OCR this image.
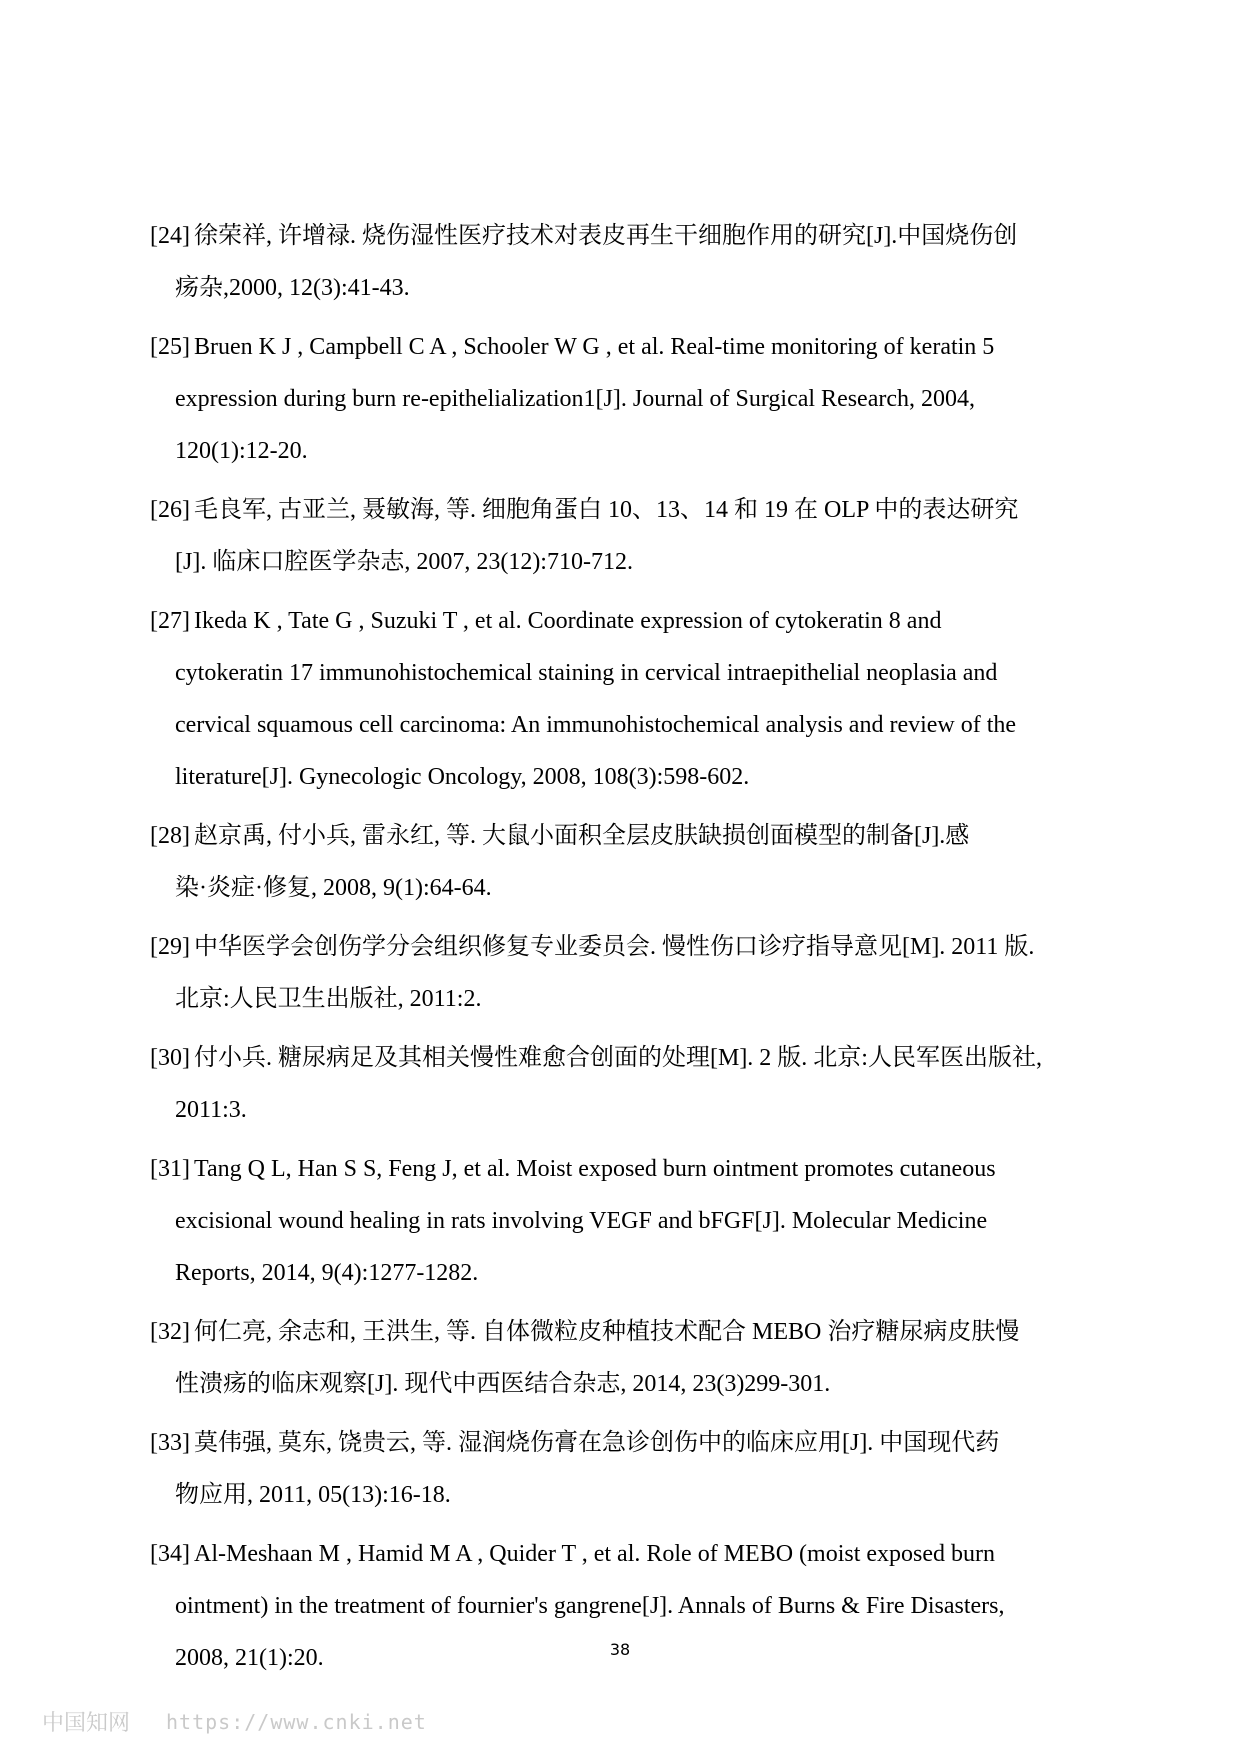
[24] 徐荣祥, 许增禄. 烧伤湿性医疗技术对表皮再生干细胞作用的研究[J].中国烧伤创
疡杂,2000, 12(3):41-43.
[25] Bruen K J , Campbell C A , Schooler W G , et al. Real-time monitoring of keratin 5
expression during burn re-epithelialization1[J]. Journal of Surgical Research, 2004,
120(1):12-20.
[26] 毛良军, 古亚兰, 聂敏海, 等. 细胞角蛋白 10、13、14 和 19 在 OLP 中的表达研究
[J]. 临床口腔医学杂志, 2007, 23(12):710-712.
[27] Ikeda K , Tate G , Suzuki T , et al. Coordinate expression of cytokeratin 8 and
cytokeratin 17 immunohistochemical staining in cervical intraepithelial neoplasia and
cervical squamous cell carcinoma: An immunohistochemical analysis and review of the
literature[J]. Gynecologic Oncology, 2008, 108(3):598-602.
[28] 赵京禹, 付小兵, 雷永红, 等. 大鼠小面积全层皮肤缺损创面模型的制备[J].感
染·炎症·修复, 2008, 9(1):64-64.
[29] 中华医学会创伤学分会组织修复专业委员会. 慢性伤口诊疗指导意见[M]. 2011 版.
北京:人民卫生出版社, 2011:2.
[30] 付小兵. 糖尿病足及其相关慢性难愈合创面的处理[M]. 2 版. 北京:人民军医出版社,
2011:3.
[31] Tang Q L, Han S S, Feng J, et al. Moist exposed burn ointment promotes cutaneous
excisional wound healing in rats involving VEGF and bFGF[J]. Molecular Medicine
Reports, 2014, 9(4):1277-1282.
[32] 何仁亮, 余志和, 王洪生, 等. 自体微粒皮种植技术配合 MEBO 治疗糖尿病皮肤慢
性溃疡的临床观察[J]. 现代中西医结合杂志, 2014, 23(3)299-301.
[33] 莫伟强, 莫东, 饶贵云, 等. 湿润烧伤膏在急诊创伤中的临床应用[J]. 中国现代药
物应用, 2011, 05(13):16-18.
[34] Al-Meshaan M , Hamid M A , Quider T , et al. Role of MEBO (moist exposed burn
ointment) in the treatment of fournier's gangrene[J]. Annals of Burns & Fire Disasters,
2008, 21(1):20.	38
中国知网 https://www.cnki.net
